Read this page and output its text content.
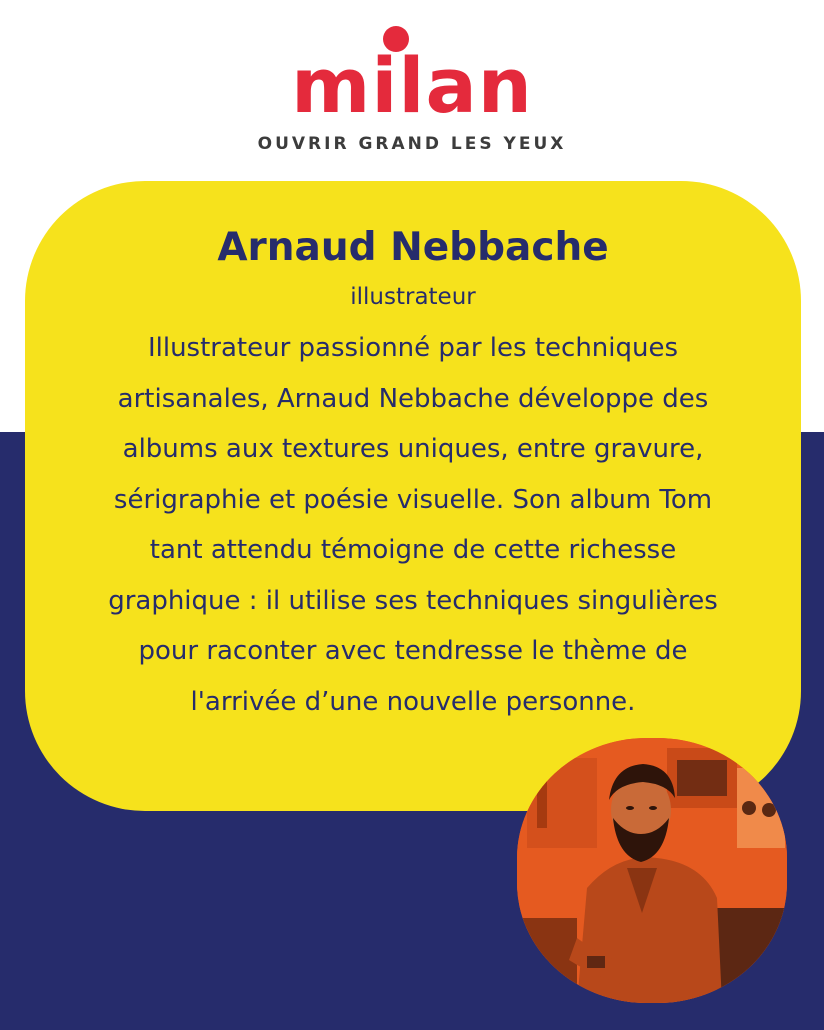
milan
OUVRIR GRAND LES YEUX
Arnaud Nebbache
illustrateur
Illustrateur passionné par les techniques
artisanales, Arnaud Nebbache développe des
albums aux textures uniques, entre gravure,
sérigraphie et poésie visuelle. Son album Tom
tant attendu témoigne de cette richesse
graphique : il utilise ses techniques singulières
pour raconter avec tendresse le thème de
l'arrivée d’une nouvelle personne.
